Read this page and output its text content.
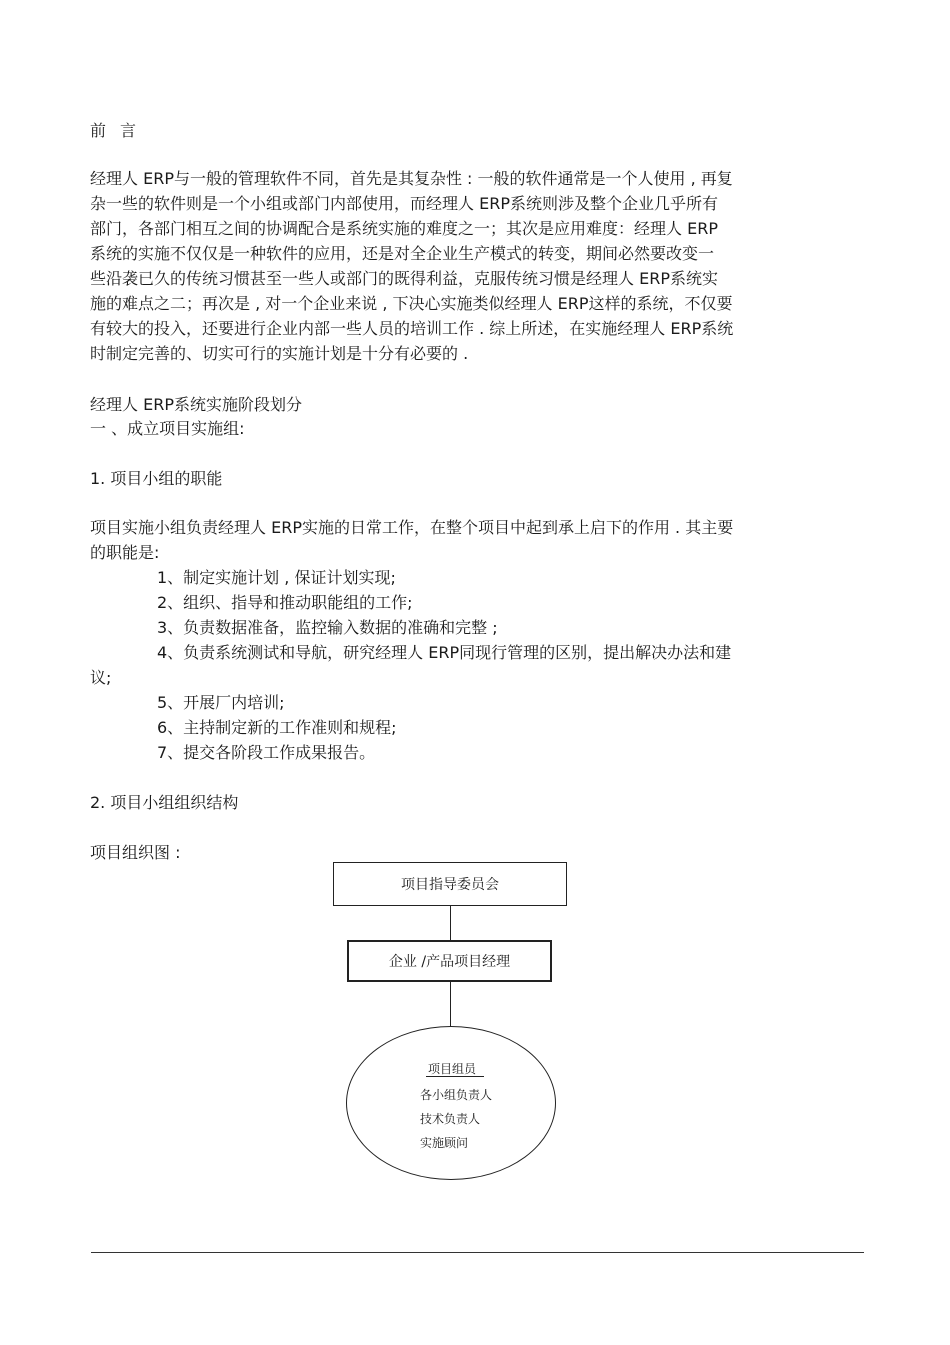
前言
经理人 ERP与一般的管理软件不同，首先是其复杂性 : 一般的软件通常是一个人使用 , 再复
杂一些的软件则是一个小组或部门内部使用，而经理人 ERP系统则涉及整个企业几乎所有
部门，各部门相互之间的协调配合是系统实施的难度之一；其次是应用难度：经理人 ERP
系统的实施不仅仅是一种软件的应用，还是对全企业生产模式的转变，期间必然要改变一
些沿袭已久的传统习惯甚至一些人或部门的既得利益，克服传统习惯是经理人 ERP系统实
施的难点之二；再次是 , 对一个企业来说 , 下决心实施类似经理人 ERP这样的系统，不仅要
有较大的投入，还要进行企业内部一些人员的培训工作 . 综上所述，在实施经理人 ERP系统
时制定完善的、切实可行的实施计划是十分有必要的 .
经理人 ERP系统实施阶段划分
一 、成立项目实施组:
1. 项目小组的职能
项目实施小组负责经理人 ERP实施的日常工作，在整个项目中起到承上启下的作用 . 其主要
的职能是:
1、制定实施计划 , 保证计划实现;
2、组织、指导和推动职能组的工作;
3、负责数据准备，监控输入数据的准确和完整 ;
4、负责系统测试和导航，研究经理人 ERP同现行管理的区别，提出解决办法和建
议;
5、开展厂内培训;
6、主持制定新的工作准则和规程;
7、提交各阶段工作成果报告。
2. 项目小组组织结构
项目组织图 :
项目指导委员会
企业 /产品项目经理
项目组员
各小组负责人
技术负责人
实施顾问
